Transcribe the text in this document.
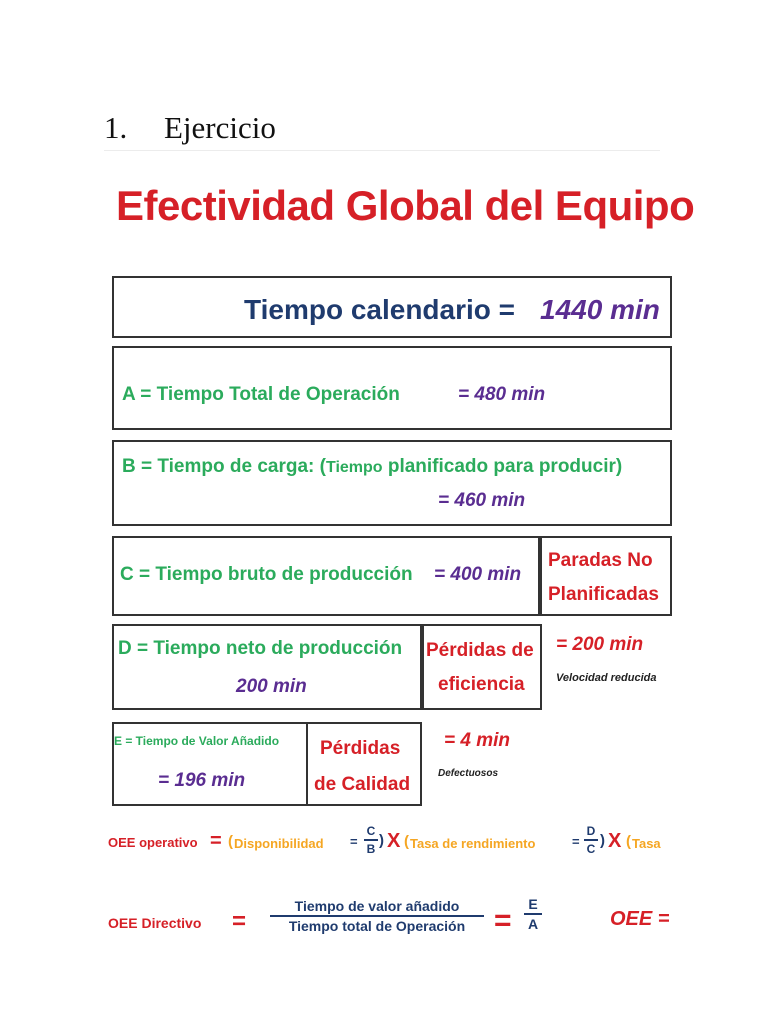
1. Ejercicio
Efectividad Global del Equipo
Tiempo calendario = 1440 min
A = Tiempo Total de Operación	= 480 min
B = Tiempo de carga: (Tiempo planificado para producir)
= 460 min
C = Tiempo bruto de producción = 400 min
Paradas No
Planificadas
D = Tiempo neto de producción
200 min
Pérdidas de
eficiencia
= 200 min
Velocidad reducida
E = Tiempo de Valor Añadido
= 196 min
Pérdidas
de Calidad
= 4 min
Defectuosos
OEE operativo = ( Disponibilidad =
C
B ) X ( Tasa de rendimiento	=
D
C ) X ( Tasa
OEE Directivo =
Tiempo de valor añadido
Tiempo total de Operación =	E
A	OEE =
